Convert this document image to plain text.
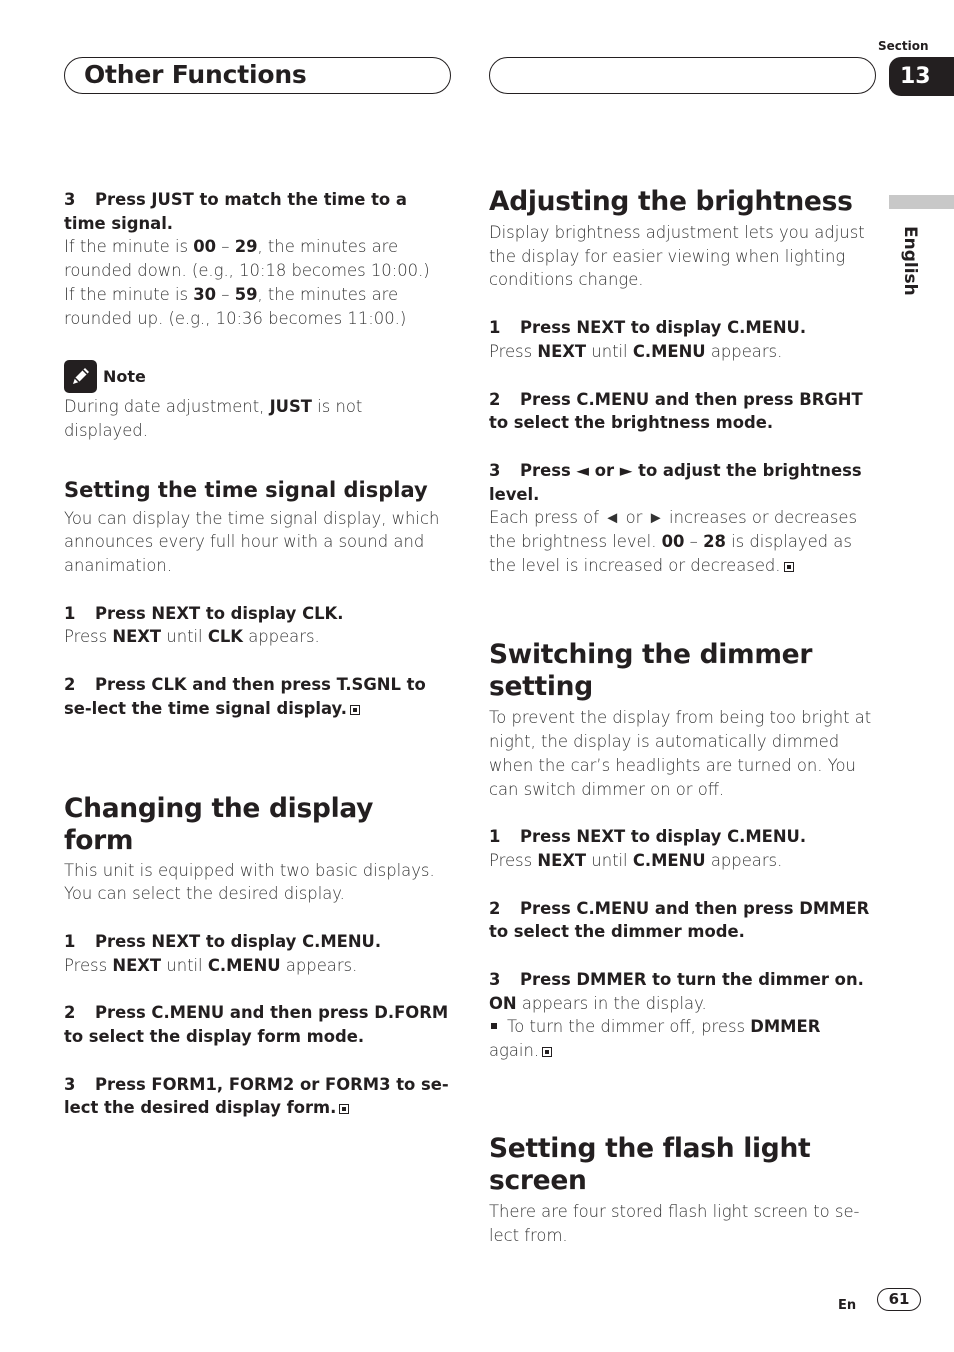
Other Functions
Section
13
English

3 Press JUST to match the time to a time signal.

If the minute is 00 – 29, the minutes are rounded down. (e.g., 10:18 becomes 10:00.)

If the minute is 30 – 59, the minutes are rounded up. (e.g., 10:36 becomes 11:00.)

Note

During date adjustment, JUST is not displayed.

Setting the time signal display

You can display the time signal display, which announces every full hour with a sound and ananimation.

1 Press NEXT to display CLK.

Press NEXT until CLK appears.

2 Press CLK and then press T.SGNL to se-lect the time signal display.

Changing the display form

This unit is equipped with two basic displays. You can select the desired display.

1 Press NEXT to display C.MENU.

Press NEXT until C.MENU appears.

2 Press C.MENU and then press D.FORM to select the display form mode.

3 Press FORM1, FORM2 or FORM3 to se-lect the desired display form.

Adjusting the brightness

Display brightness adjustment lets you adjust the display for easier viewing when lighting conditions change.

1 Press NEXT to display C.MENU.

Press NEXT until C.MENU appears.

2 Press C.MENU and then press BRGHT to select the brightness mode.

3 Press ◄ or ► to adjust the brightness level.

Each press of ◄ or ► increases or decreases the brightness level. 00 – 28 is displayed as the level is increased or decreased.

Switching the dimmer setting

To prevent the display from being too bright at night, the display is automatically dimmed when the car’s headlights are turned on. You can switch dimmer on or off.

1 Press NEXT to display C.MENU.

Press NEXT until C.MENU appears.

2 Press C.MENU and then press DMMER to select the dimmer mode.

3 Press DMMER to turn the dimmer on.

ON appears in the display.

To turn the dimmer off, press DMMER again.

Setting the flash light screen

There are four stored flash light screen to se-lect from.

En	61
